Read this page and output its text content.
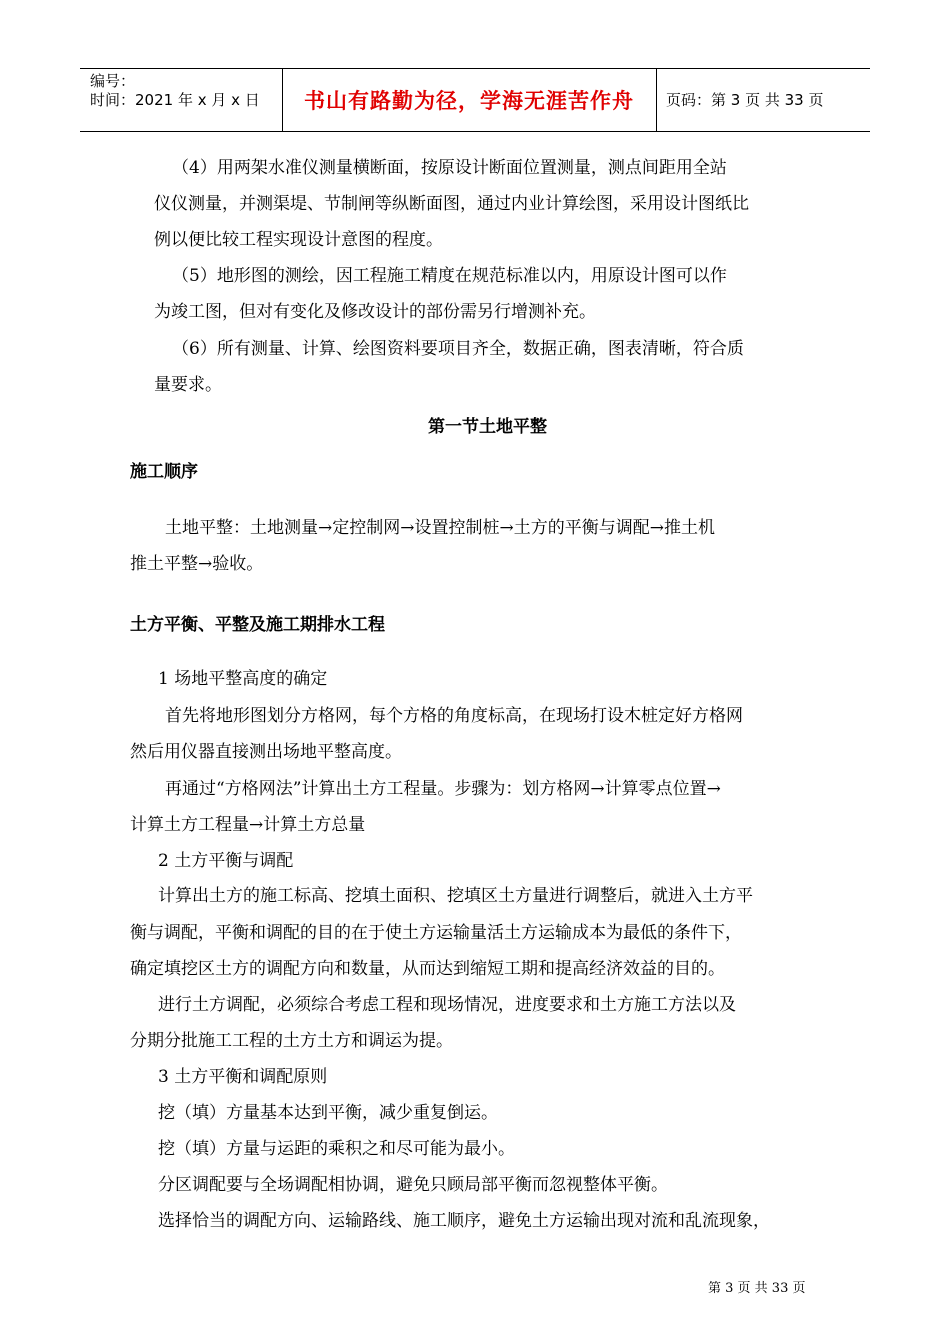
编号：
时间：2021 年 x 月 x 日	书山有路勤为径，学海无涯苦作舟	页码：第 3 页 共 33 页
（4）用两架水准仪测量横断面，按原设计断面位置测量，测点间距用全站
仪仪测量，并测渠堤、节制闸等纵断面图，通过内业计算绘图，采用设计图纸比
例以便比较工程实现设计意图的程度。
（5）地形图的测绘，因工程施工精度在规范标准以内，用原设计图可以作
为竣工图，但对有变化及修改设计的部份需另行增测补充。
（6）所有测量、计算、绘图资料要项目齐全，数据正确，图表清晰，符合质
量要求。
第一节土地平整
施工顺序
土地平整：土地测量→定控制网→设置控制桩→土方的平衡与调配→推土机
推土平整→验收。
土方平衡、平整及施工期排水工程
1 场地平整高度的确定
首先将地形图划分方格网，每个方格的角度标高，在现场打设木桩定好方格网
然后用仪器直接测出场地平整高度。
再通过“方格网法”计算出土方工程量。步骤为：划方格网→计算零点位置→
计算土方工程量→计算土方总量
2 土方平衡与调配
计算出土方的施工标高、挖填土面积、挖填区土方量进行调整后，就进入土方平
衡与调配，平衡和调配的目的在于使土方运输量活土方运输成本为最低的条件下，
确定填挖区土方的调配方向和数量，从而达到缩短工期和提高经济效益的目的。
进行土方调配，必须综合考虑工程和现场情况，进度要求和土方施工方法以及
分期分批施工工程的土方土方和调运为提。
3 土方平衡和调配原则
挖（填）方量基本达到平衡，减少重复倒运。
挖（填）方量与运距的乘积之和尽可能为最小。
分区调配要与全场调配相协调，避免只顾局部平衡而忽视整体平衡。
选择恰当的调配方向、运输路线、施工顺序，避免土方运输出现对流和乱流现象，
第 3 页 共 33 页
